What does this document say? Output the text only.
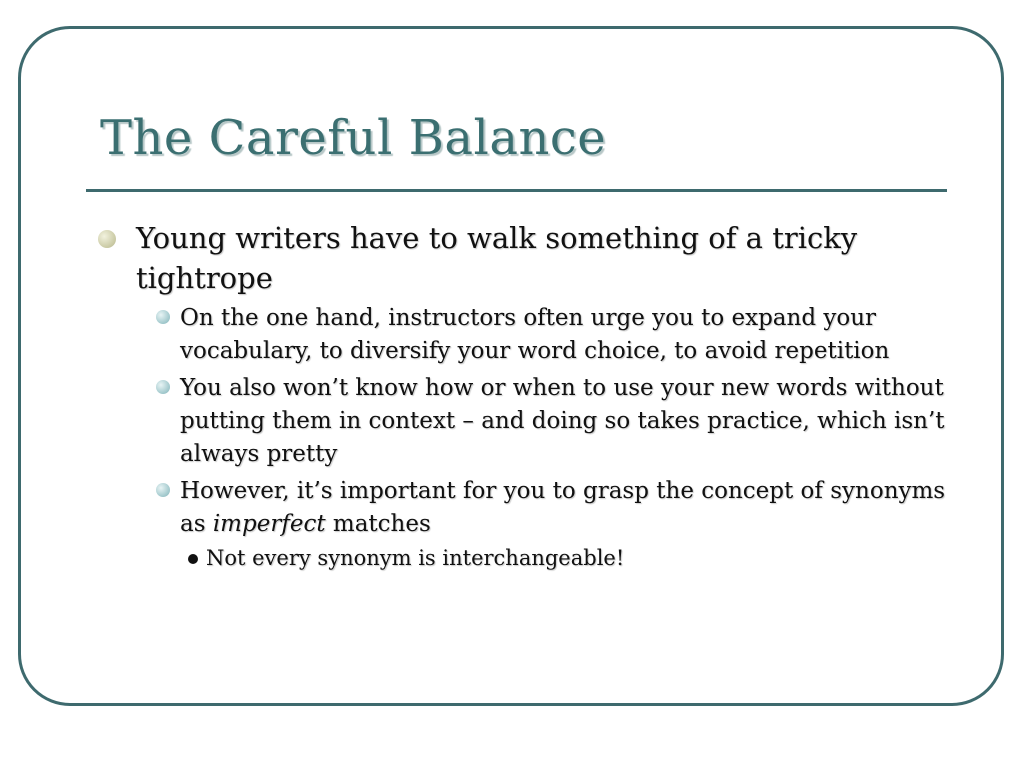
The Careful Balance
Young writers have to walk something of a tricky tightrope
On the one hand, instructors often urge you to expand your vocabulary, to diversify your word choice, to avoid repetition
You also won’t know how or when to use your new words without putting them in context – and doing so takes practice, which isn’t always pretty
However, it’s important for you to grasp the concept of synonyms as imperfect matches
Not every synonym is interchangeable!
